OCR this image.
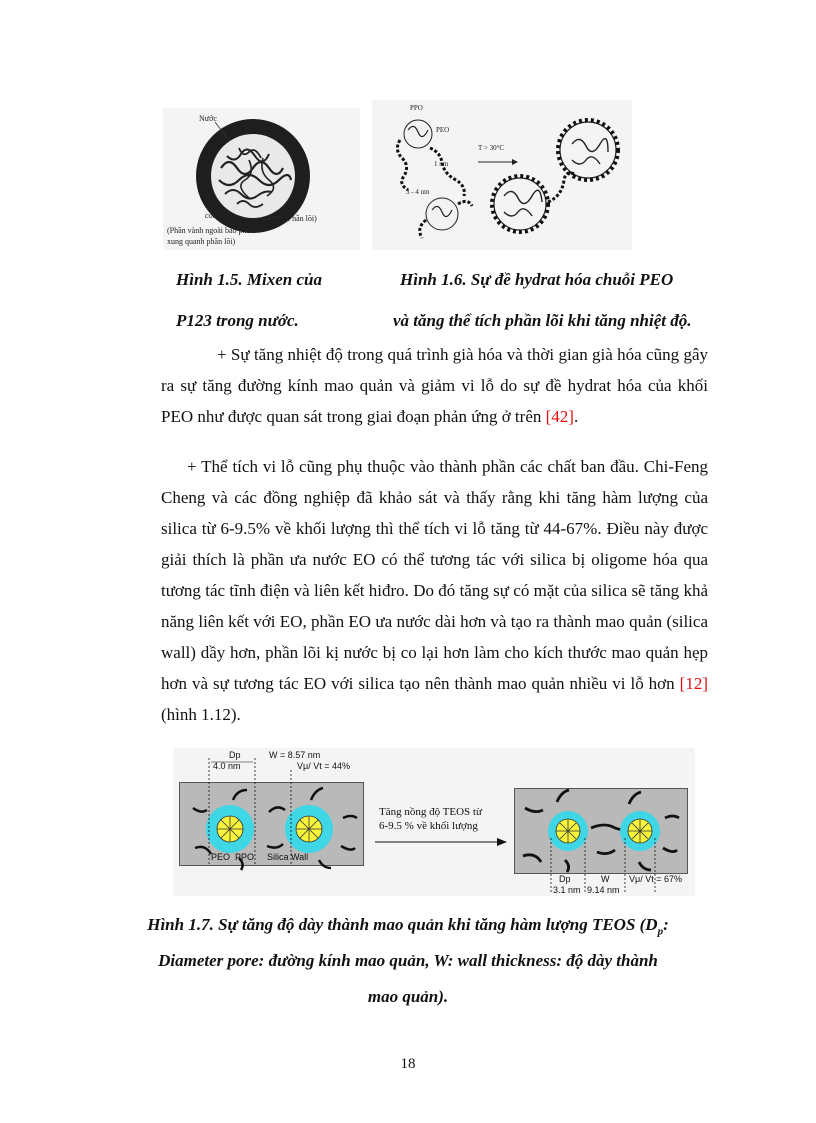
Nước
corona	core (Phần lõi)
(Phần vành ngoài bao phủ
xung quanh phần lõi)
PPO
PEO
1 nm
3 - 4 nm
T > 30°C
Hình 1.5. Mixen của
P123 trong nước.
Hình 1.6. Sự đề hydrat hóa chuỗi PEO
và tăng thể tích phần lõi khi tăng nhiệt độ.

+ Sự tăng nhiệt độ trong quá trình già hóa và thời gian già hóa cũng gây ra sự tăng đường kính mao quản và giảm vi lỗ do sự đề hydrat hóa của khối PEO như được quan sát trong giai đoạn phản ứng ở trên [42].

+ Thể tích vi lỗ cũng phụ thuộc vào thành phần các chất ban đầu. Chi-Feng Cheng và các đồng nghiệp đã khảo sát và thấy rằng khi tăng hàm lượng của silica từ 6-9.5% về khối lượng thì thể tích vi lỗ tăng từ 44-67%. Điều này được giải thích là phần ưa nước EO có thể tương tác với silica bị oligome hóa qua tương tác tĩnh điện và liên kết hiđro. Do đó tăng sự có mặt của silica sẽ tăng khả năng liên kết với EO, phần EO ưa nước dài hơn và tạo ra thành mao quản (silica wall) dầy hơn, phần lõi kị nước bị co lại hơn làm cho kích thước mao quản hẹp hơn và sự tương tác EO với silica tạo nên thành mao quản nhiều vi lỗ hơn [12] (hình 1.12).

Dp
4.0 nm
W = 8.57 nm
Vμ/ Vt = 44%
PEO PPO Silica Wall
Tăng nồng độ TEOS từ
6-9.5 % về khối lượng
Dp
3.1 nm
W
9.14 nm
Vμ/ Vt = 67%
Hình 1.7. Sự tăng độ dày thành mao quản khi tăng hàm lượng TEOS ($D_p$:
Diameter pore: đường kính mao quản, W: wall thickness: độ dày thành
mao quản).
18
